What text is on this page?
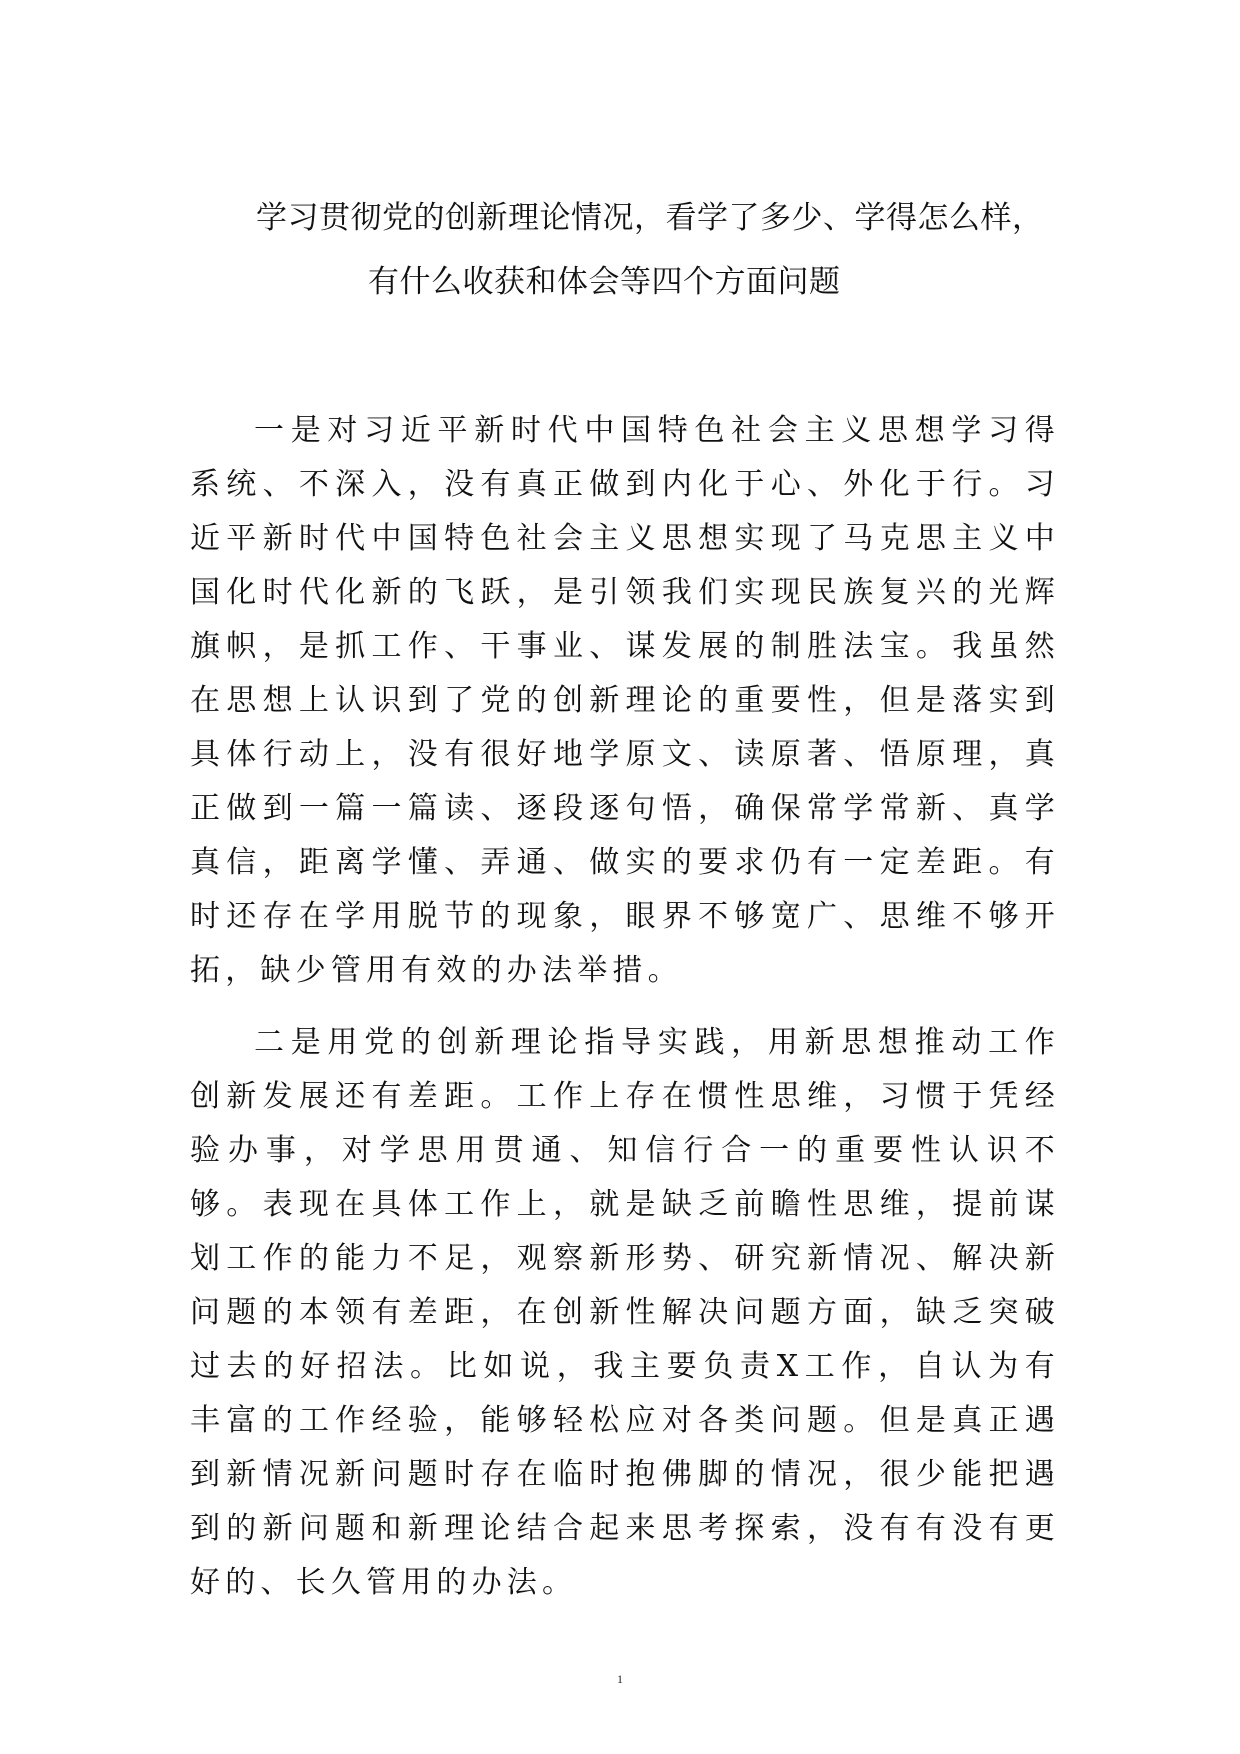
学习贯彻党的创新理论情况，看学了多少、学得怎么样，
有什么收获和体会等四个方面问题

一是对习近平新时代中国特色社会主义思想学习得系统、不深入，没有真正做到内化于心、外化于行。习近平新时代中国特色社会主义思想实现了马克思主义中国化时代化新的飞跃，是引领我们实现民族复兴的光辉旗帜，是抓工作、干事业、谋发展的制胜法宝。我虽然在思想上认识到了党的创新理论的重要性，但是落实到具体行动上，没有很好地学原文、读原著、悟原理，真正做到一篇一篇读、逐段逐句悟，确保常学常新、真学真信，距离学懂、弄通、做实的要求仍有一定差距。有时还存在学用脱节的现象，眼界不够宽广、思维不够开拓，缺少管用有效的办法举措。

二是用党的创新理论指导实践，用新思想推动工作创新发展还有差距。工作上存在惯性思维，习惯于凭经验办事，对学思用贯通、知信行合一的重要性认识不够。表现在具体工作上，就是缺乏前瞻性思维，提前谋划工作的能力不足，观察新形势、研究新情况、解决新问题的本领有差距，在创新性解决问题方面，缺乏突破过去的好招法。比如说，我主要负责X工作，自认为有丰富的工作经验，能够轻松应对各类问题。但是真正遇到新情况新问题时存在临时抱佛脚的情况，很少能把遇到的新问题和新理论结合起来思考探索，没有有没有更好的、长久管用的办法。

1
